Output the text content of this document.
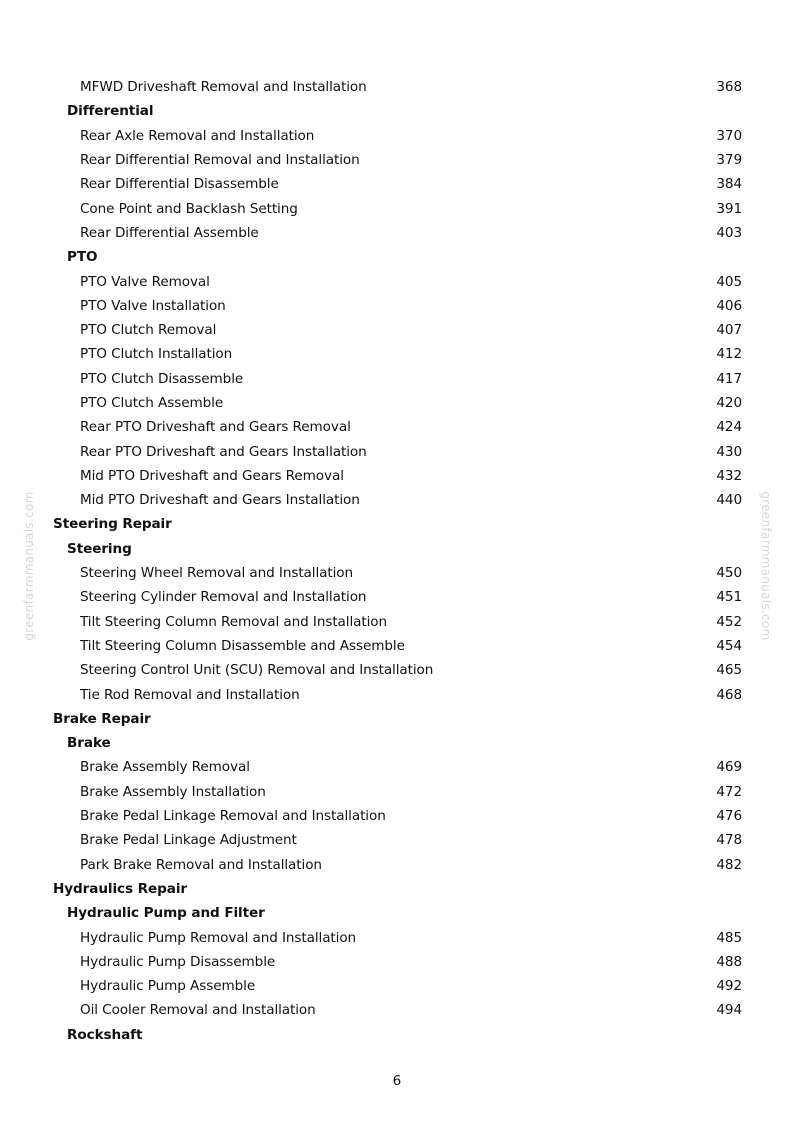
greenfarmmanuals.com	greenfarmmanuals.com
MFWD Driveshaft Removal and Installation	368
Differential
Rear Axle Removal and Installation	370
Rear Differential Removal and Installation	379
Rear Differential Disassemble	384
Cone Point and Backlash Setting	391
Rear Differential Assemble	403
PTO
PTO Valve Removal	405
PTO Valve Installation	406
PTO Clutch Removal	407
PTO Clutch Installation	412
PTO Clutch Disassemble	417
PTO Clutch Assemble	420
Rear PTO Driveshaft and Gears Removal	424
Rear PTO Driveshaft and Gears Installation	430
Mid PTO Driveshaft and Gears Removal	432
Mid PTO Driveshaft and Gears Installation	440
Steering Repair
Steering
Steering Wheel Removal and Installation	450
Steering Cylinder Removal and Installation	451
Tilt Steering Column Removal and Installation	452
Tilt Steering Column Disassemble and Assemble	454
Steering Control Unit (SCU) Removal and Installation	465
Tie Rod Removal and Installation	468
Brake Repair
Brake
Brake Assembly Removal	469
Brake Assembly Installation	472
Brake Pedal Linkage Removal and Installation	476
Brake Pedal Linkage Adjustment	478
Park Brake Removal and Installation	482
Hydraulics Repair
Hydraulic Pump and Filter
Hydraulic Pump Removal and Installation	485
Hydraulic Pump Disassemble	488
Hydraulic Pump Assemble	492
Oil Cooler Removal and Installation	494
Rockshaft
6
